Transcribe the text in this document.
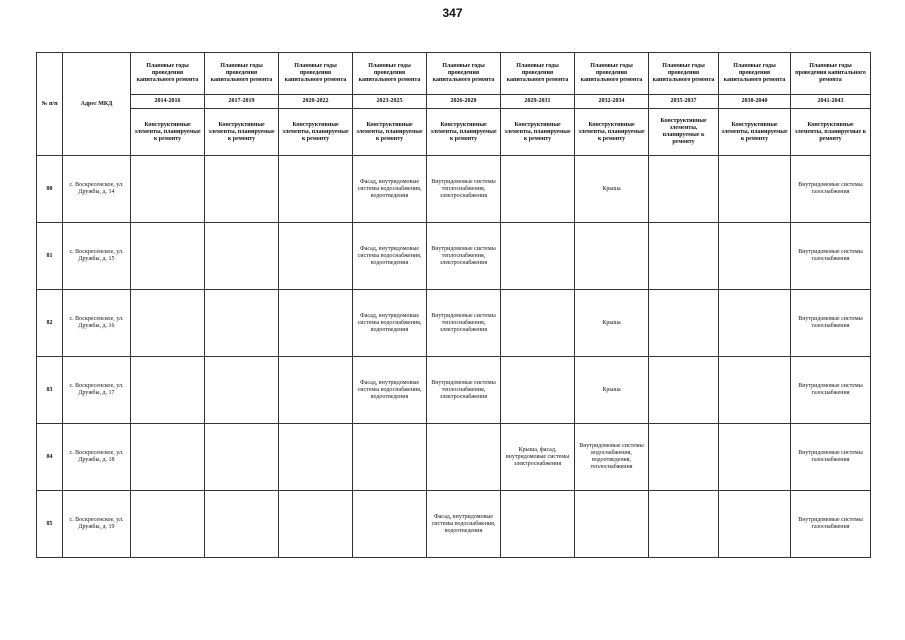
347
№ п/п	Адрес МКД	Плановые годы проведения капитального ремонта	Плановые годы проведения капитального ремонта	Плановые годы проведения капитального ремонта	Плановые годы проведения капитального ремонта	Плановые годы проведения капитального ремонта	Плановые годы проведения капитального ремонта	Плановые годы проведения капитального ремонта	Плановые годы проведения капитального ремонта	Плановые годы проведения капитального ремонта	Плановые годы проведения капитального ремонта
		2014-2016	2017-2019	2020-2022	2023-2025	2026-2028	2029-2031	2032-2034	2035-2037	2038-2040	2041-2043
		Конструктивные элементы, планируемые к ремонту	Конструктивные элементы, планируемые к ремонту	Конструктивные элементы, планируемые к ремонту	Конструктивные элементы, планируемые к ремонту	Конструктивные элементы, планируемые к ремонту	Конструктивные элементы, планируемые к ремонту	Конструктивные элементы, планируемые к ремонту	Конструктивные элементы, планируемые к ремонту	Конструктивные элементы, планируемые к ремонту	Конструктивные элементы, планируемые к ремонту
80	с. Воскресенское, ул. Дружбы, д. 14				Фасад, внутридомовые системы водоснабжения, водоотведения	Внутридомовые системы теплоснабжения, электроснабжения		Крыша			Внутридомовые системы газоснабжения
81	с. Воскресенское, ул. Дружбы, д. 15				Фасад, внутридомовые системы водоснабжения, водоотведения	Внутридомовые системы теплоснабжения, электроснабжения					Внутридомовые системы газоснабжения
82	с. Воскресенское, ул. Дружбы, д. 16				Фасад, внутридомовые системы водоснабжения, водоотведения	Внутридомовые системы теплоснабжения, электроснабжения		Крыша			Внутридомовые системы газоснабжения
83	с. Воскресенское, ул. Дружбы, д. 17				Фасад, внутридомовые системы водоснабжения, водоотведения	Внутридомовые системы теплоснабжения, электроснабжения		Крыша			Внутридомовые системы газоснабжения
84	с. Воскресенское, ул. Дружбы, д. 18						Крыша, фасад, внутридомовые системы электроснабжения	Внутридомовые системы водоснабжения, водоотведения, теплоснабжения			Внутридомовые системы газоснабжения
85	с. Воскресенское, ул. Дружбы, д. 19					Фасад, внутридомовые системы водоснабжения, водоотведения					Внутридомовые системы газоснабжения
